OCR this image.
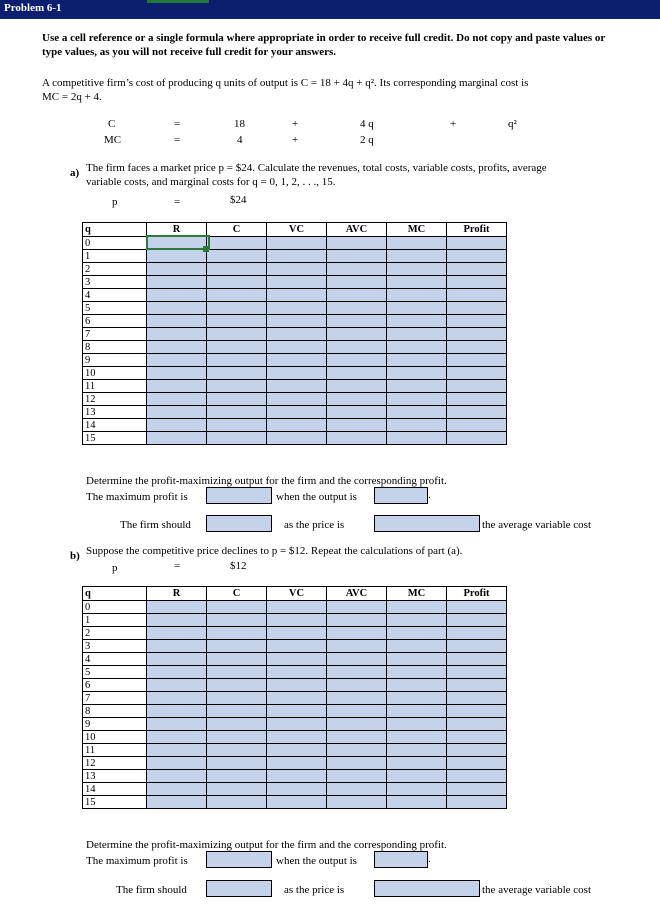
Problem 6-1
Use a cell reference or a single formula where appropriate in order to receive full credit. Do not copy and paste values or type values, as you will not receive full credit for your answers.
A competitive firm’s cost of producing q units of output is C = 18 + 4q + q². Its corresponding marginal cost is
MC = 2q + 4.
C	=	18	+	4 q	+	q²
MC	=	4	+	2 q
a) The firm faces a market price p = $24. Calculate the revenues, total costs, variable costs, profits, average
variable costs, and marginal costs for q = 0, 1, 2, . . ., 15.
p	=	$24
q	R	C	VC	AVC	MC	Profit
0						
1						
2						
3						
4						
5						
6						
7						
8						
9						
10						
11						
12						
13						
14						
15						
Determine the profit-maximizing output for the firm and the corresponding profit.
The maximum profit is	when the output is	.
The firm should	as the price is	the average variable cost
b) Suppose the competitive price declines to p = $12. Repeat the calculations of part (a).
p	=	$12
q	R	C	VC	AVC	MC	Profit
0						
1						
2						
3						
4						
5						
6						
7						
8						
9						
10						
11						
12						
13						
14						
15						
Determine the profit-maximizing output for the firm and the corresponding profit.
The maximum profit is	when the output is	.
The firm should	as the price is	the average variable cost
